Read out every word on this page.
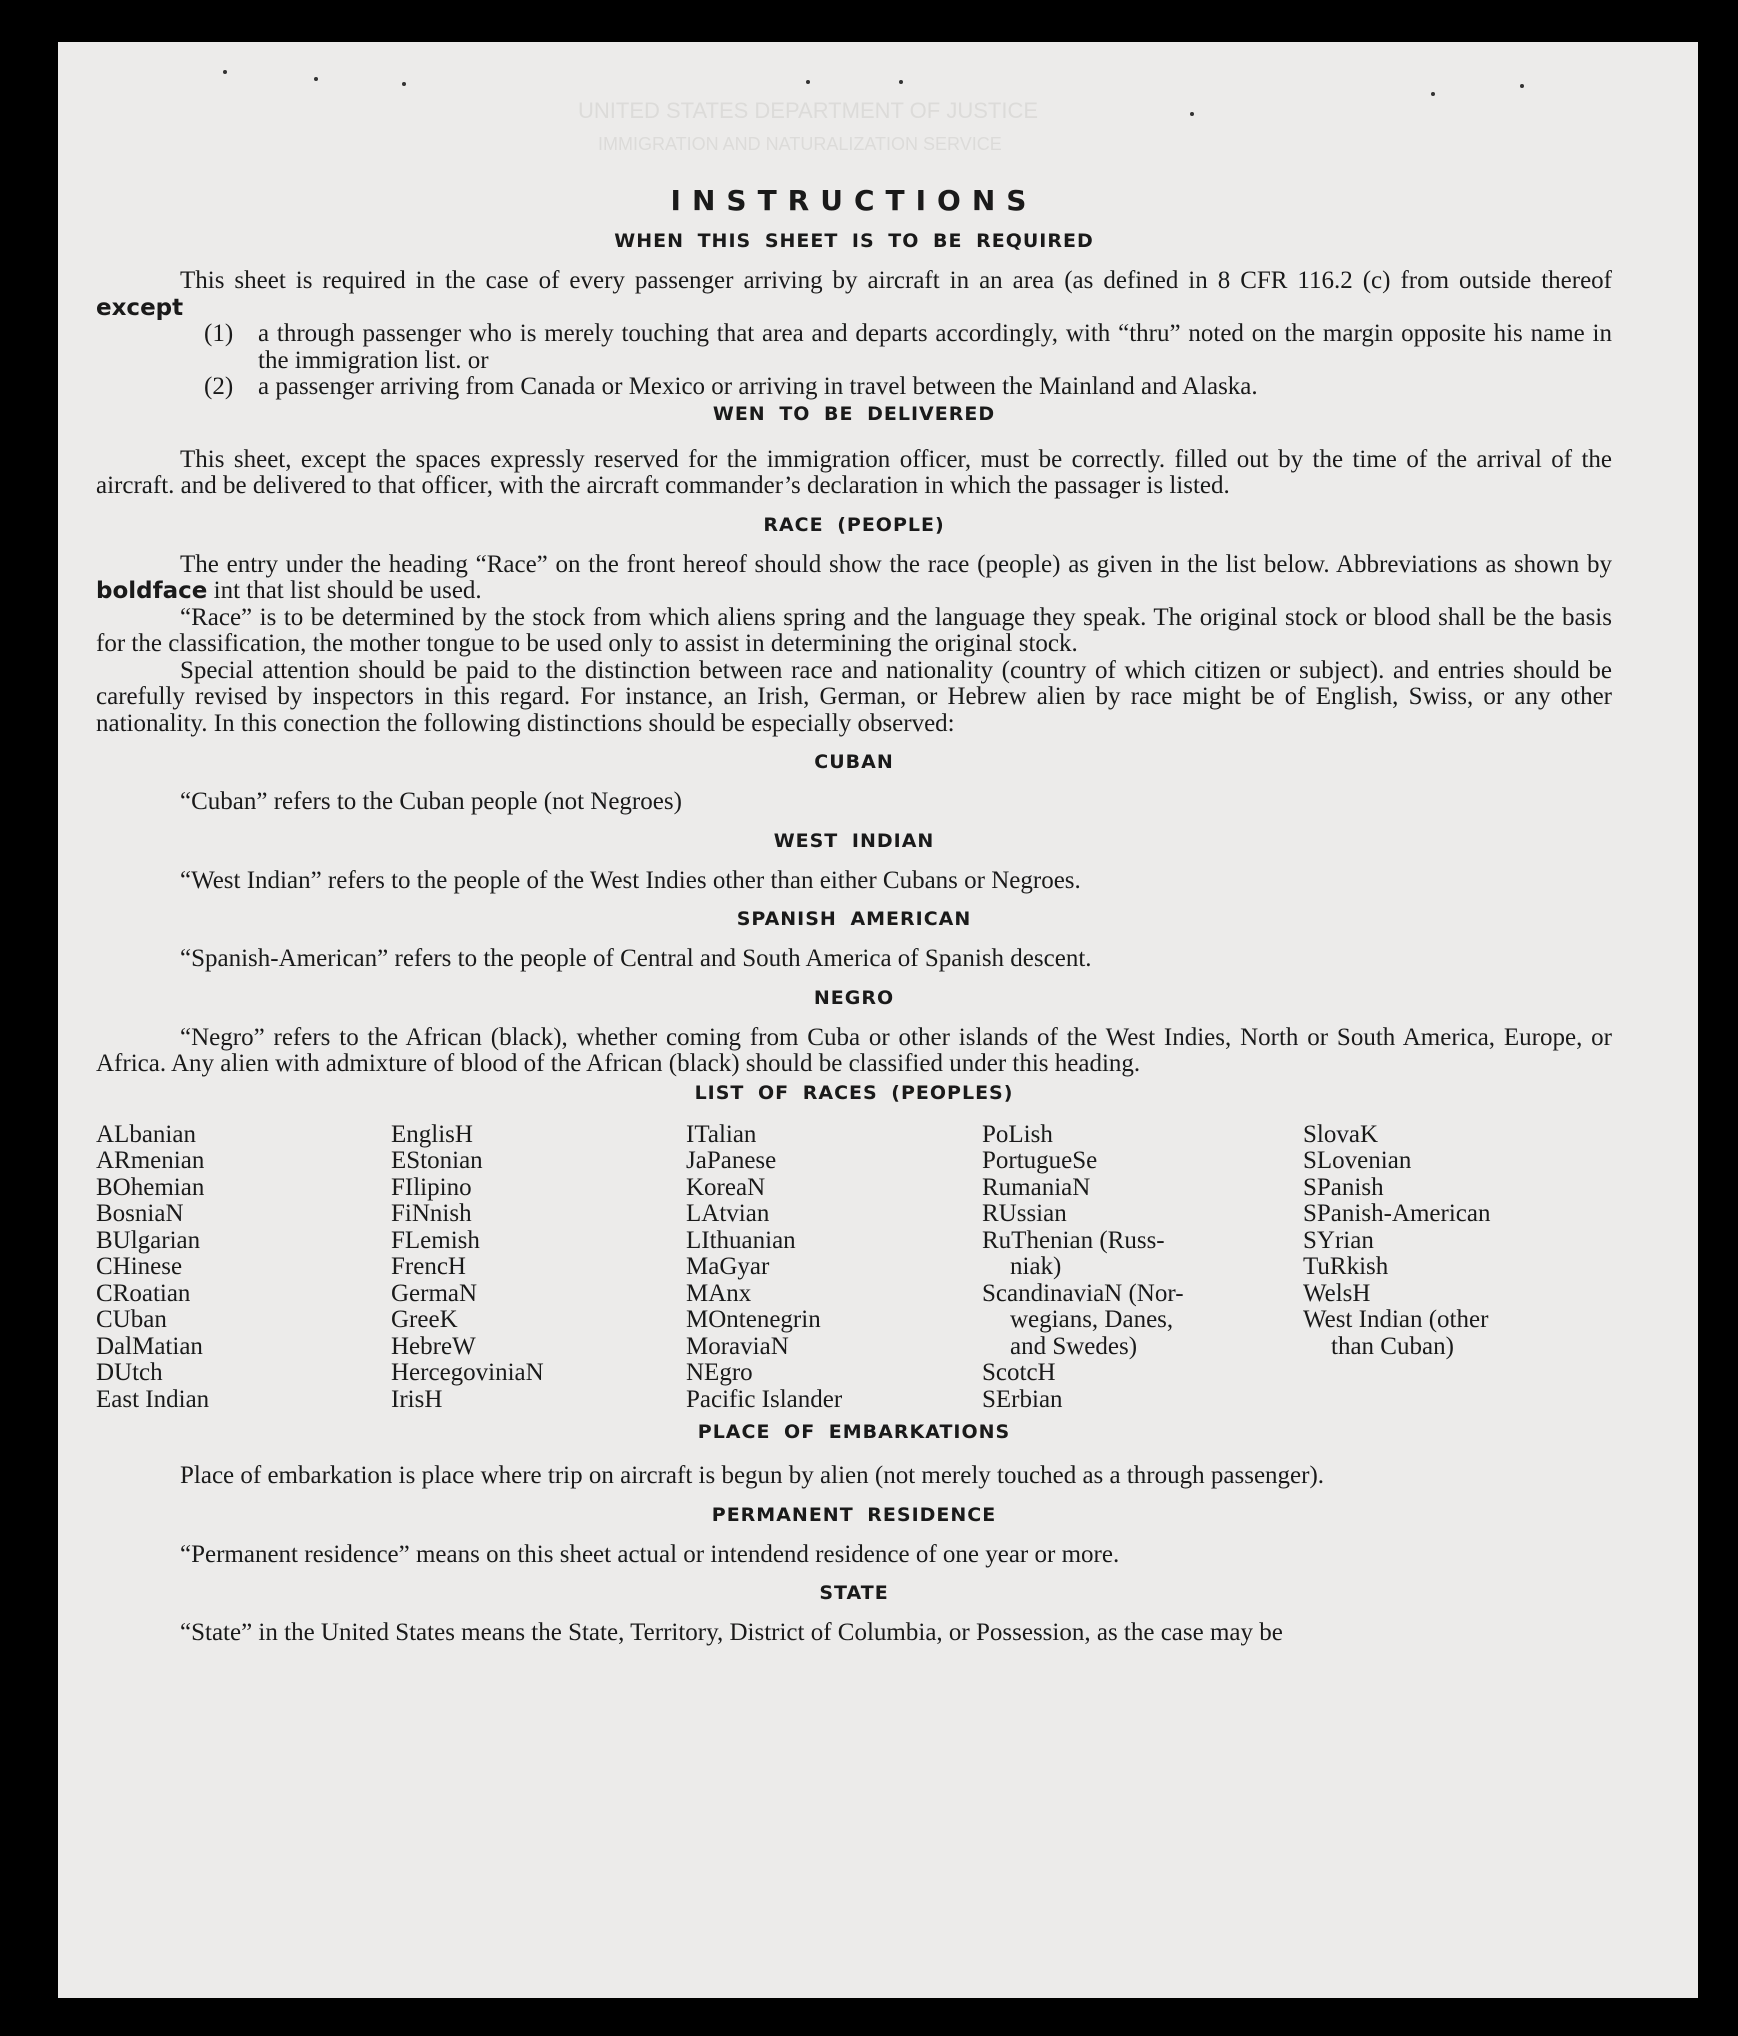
UNITED STATES DEPARTMENT OF JUSTICE
IMMIGRATION AND NATURALIZATION SERVICE
INSTRUCTIONS
WHEN THIS SHEET IS TO BE REQUIRED

This sheet is required in the case of every passenger arriving by aircraft in an area (as defined in 8 CFR 116.2 (c) from outside thereof except

(1) a through passenger who is merely touching that area and departs accordingly, with “thru” noted on the margin opposite his name in the immigration list. or
(2) a passenger arriving from Canada or Mexico or arriving in travel between the Mainland and Alaska.
WEN TO BE DELIVERED

This sheet, except the spaces expressly reserved for the immigration officer, must be correctly. filled out by the time of the arrival of the aircraft. and be delivered to that officer, with the aircraft commander’s declaration in which the passager is listed.

RACE (PEOPLE)

The entry under the heading “Race” on the front hereof should show the race (people) as given in the list below. Abbreviations as shown by boldface int that list should be used.

“Race” is to be determined by the stock from which aliens spring and the language they speak. The original stock or blood shall be the basis for the classification, the mother tongue to be used only to assist in determining the original stock.

Special attention should be paid to the distinction between race and nationality (country of which citizen or subject). and entries should be carefully revised by inspectors in this regard. For instance, an Irish, German, or Hebrew alien by race might be of English, Swiss, or any other nationality. In this conection the following distinctions should be especially observed:

CUBAN

“Cuban” refers to the Cuban people (not Negroes)

WEST INDIAN

“West Indian” refers to the people of the West Indies other than either Cubans or Negroes.

SPANISH AMERICAN

“Spanish-American” refers to the people of Central and South America of Spanish descent.

NEGRO

“Negro” refers to the African (black), whether coming from Cuba or other islands of the West Indies, North or South America, Europe, or Africa. Any alien with admixture of blood of the African (black) should be classified under this heading.

LIST OF RACES (PEOPLES)
ALbanian
ARmenian
BOhemian
BosniaN
BUlgarian
CHinese
CRoatian
CUban
DalMatian
DUtch
East Indian
EnglisH
EStonian
FIlipino
FiNnish
FLemish
FrencH
GermaN
GreeK
HebreW
HercegoviniaN
IrisH
ITalian
JaPanese
KoreaN
LAtvian
LIthuanian
MaGyar
MAnx
MOntenegrin
MoraviaN
NEgro
Pacific Islander
PoLish
PortugueSe
RumaniaN
RUssian
RuThenian (Russ-
niak)
ScandinaviaN (Nor-
wegians, Danes,
and Swedes)
ScotcH
SErbian
SlovaK
SLovenian
SPanish
SPanish-American
SYrian
TuRkish
WelsH
West Indian (other
than Cuban)
PLACE OF EMBARKATIONS

Place of embarkation is place where trip on aircraft is begun by alien (not merely touched as a through passenger).

PERMANENT RESIDENCE

“Permanent residence” means on this sheet actual or intendend residence of one year or more.

STATE

“State” in the United States means the State, Territory, District of Columbia, or Possession, as the case may be
